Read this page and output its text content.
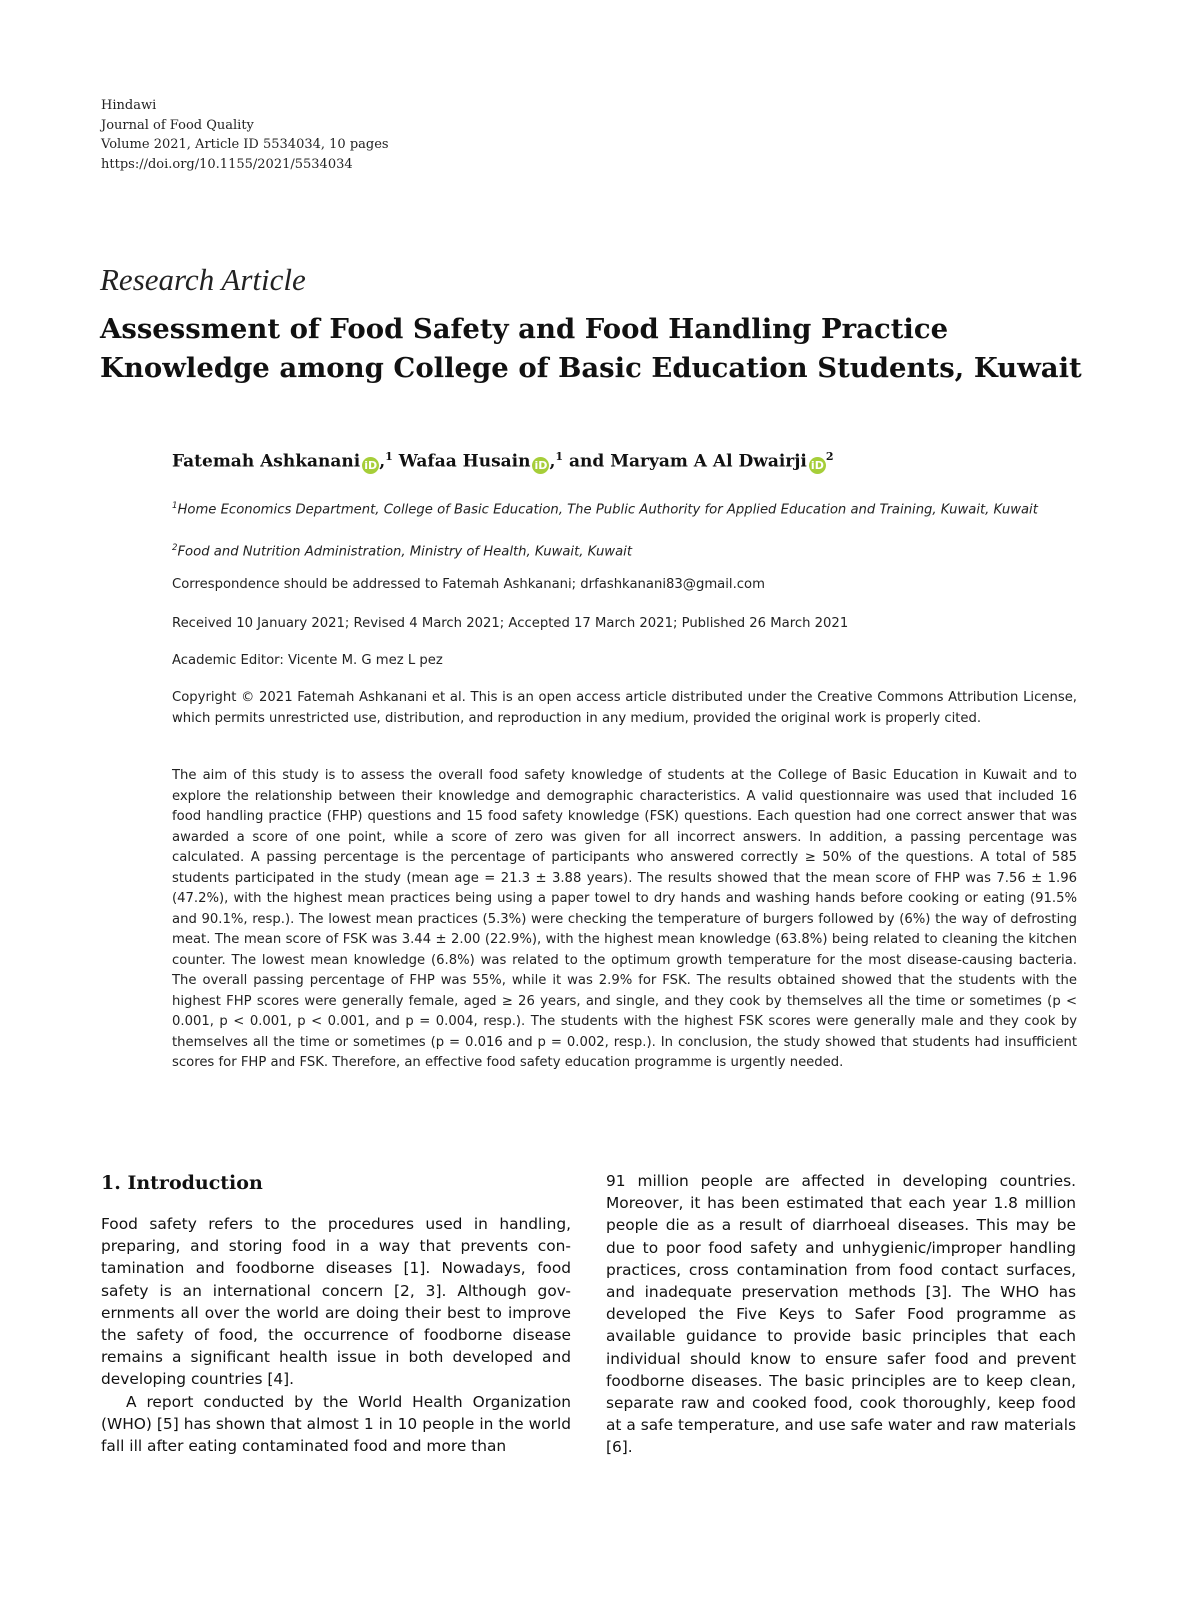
Hindawi
Journal of Food Quality
Volume 2021, Article ID 5534034, 10 pages
https://doi.org/10.1155/2021/5534034
Research Article
Assessment of Food Safety and Food Handling Practice
Knowledge among College of Basic Education Students, Kuwait
Fatemah Ashkanani iD ,$^1$ Wafaa Husain iD ,$^1$ and Maryam A Al Dwairji $iD^2$
$^1$Home Economics Department, College of Basic Education, The Public Authority for Applied Education and Training, Kuwait, Kuwait
$^2$Food and Nutrition Administration, Ministry of Health, Kuwait, Kuwait
Correspondence should be addressed to Fatemah Ashkanani; drfashkanani83@gmail.com
Received 10 January 2021; Revised 4 March 2021; Accepted 17 March 2021; Published 26 March 2021
Academic Editor: Vicente M. G mez L pez
Copyright © 2021 Fatemah Ashkanani et al. This is an open access article distributed under the Creative Commons Attribution License, which permits unrestricted use, distribution, and reproduction in any medium, provided the original work is properly cited.
The aim of this study is to assess the overall food safety knowledge of students at the College of Basic Education in Kuwait and to explore the relationship between their knowledge and demographic characteristics. A valid questionnaire was used that included 16 food handling practice (FHP) questions and 15 food safety knowledge (FSK) questions. Each question had one correct answer that was awarded a score of one point, while a score of zero was given for all incorrect answers. In addition, a passing percentage was calculated. A passing percentage is the percentage of participants who answered correctly ≥ 50% of the questions. A total of 585 students participated in the study (mean age = 21.3 ± 3.88 years). The results showed that the mean score of FHP was 7.56 ± 1.96 (47.2%), with the highest mean practices being using a paper towel to dry hands and washing hands before cooking or eating (91.5% and 90.1%, resp.). The lowest mean practices (5.3%) were checking the temperature of burgers followed by (6%) the way of defrosting meat. The mean score of FSK was 3.44 ± 2.00 (22.9%), with the highest mean knowledge (63.8%) being related to cleaning the kitchen counter. The lowest mean knowledge (6.8%) was related to the optimum growth temperature for the most disease-causing bacteria. The overall passing percentage of FHP was 55%, while it was 2.9% for FSK. The results obtained showed that the students with the highest FHP scores were generally female, aged ≥ 26 years, and single, and they cook by themselves all the time or sometimes (p < 0.001, p < 0.001, p < 0.001, and p = 0.004, resp.). The students with the highest FSK scores were generally male and they cook by themselves all the time or sometimes (p = 0.016 and p = 0.002, resp.). In conclusion, the study showed that students had insufficient scores for FHP and FSK. Therefore, an effective food safety education programme is urgently needed.
1. Introduction

Food safety refers to the procedures used in handling, preparing, and storing food in a way that prevents con- tamination and foodborne diseases [1]. Nowadays, food safety is an international concern [2, 3]. Although gov- ernments all over the world are doing their best to improve the safety of food, the occurrence of foodborne disease remains a significant health issue in both developed and developing countries [4].

A report conducted by the World Health Organization (WHO) [5] has shown that almost 1 in 10 people in the world fall ill after eating contaminated food and more than

91 million people are affected in developing countries. Moreover, it has been estimated that each year 1.8 million people die as a result of diarrhoeal diseases. This may be due to poor food safety and unhygienic/improper handling practices, cross contamination from food contact surfaces, and inadequate preservation methods [3]. The WHO has developed the Five Keys to Safer Food programme as available guidance to provide basic principles that each individual should know to ensure safer food and prevent foodborne diseases. The basic principles are to keep clean, separate raw and cooked food, cook thoroughly, keep food at a safe temperature, and use safe water and raw materials [6].
